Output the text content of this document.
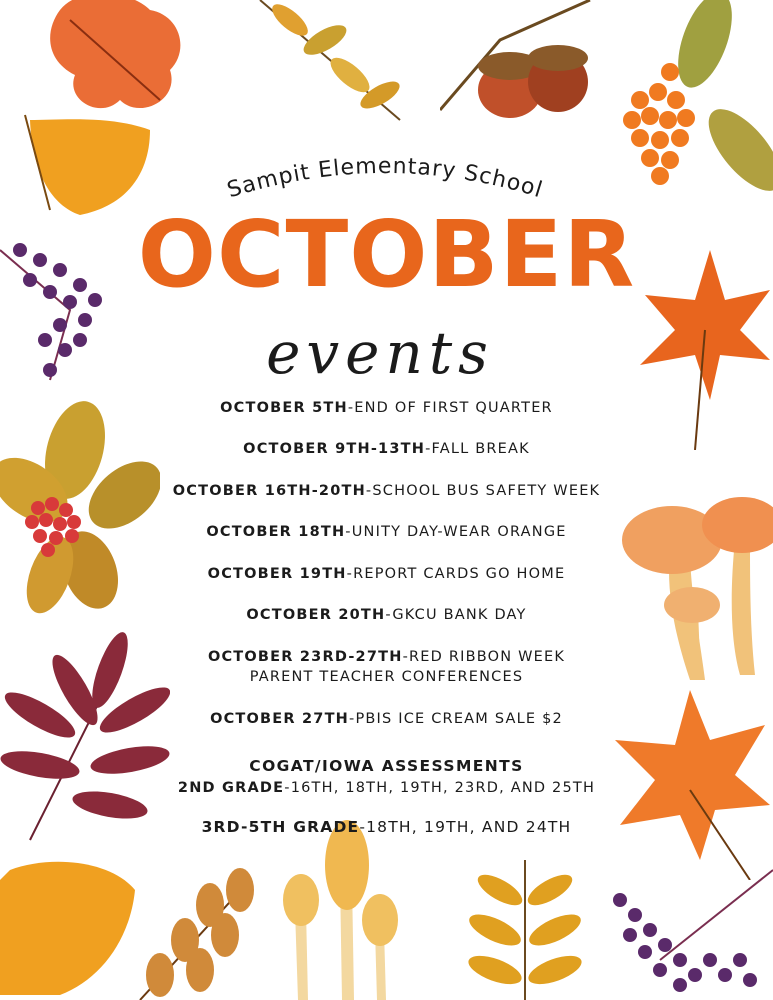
Sampit Elementary School
OCTOBER
events
OCTOBER 5TH-END OF FIRST QUARTER
OCTOBER 9TH-13TH-FALL BREAK
OCTOBER 16TH-20TH-SCHOOL BUS SAFETY WEEK
OCTOBER 18TH-UNITY DAY-WEAR ORANGE
OCTOBER 19TH-REPORT CARDS GO HOME
OCTOBER 20TH-GKCU BANK DAY
OCTOBER 23RD-27TH-RED RIBBON WEEK
PARENT TEACHER CONFERENCES
OCTOBER 27TH-PBIS ICE CREAM SALE $2
COGAT/IOWA ASSESSMENTS
2ND GRADE-16TH, 18TH, 19TH, 23RD, AND 25TH
3RD-5TH GRADE-18TH, 19TH, AND 24TH
